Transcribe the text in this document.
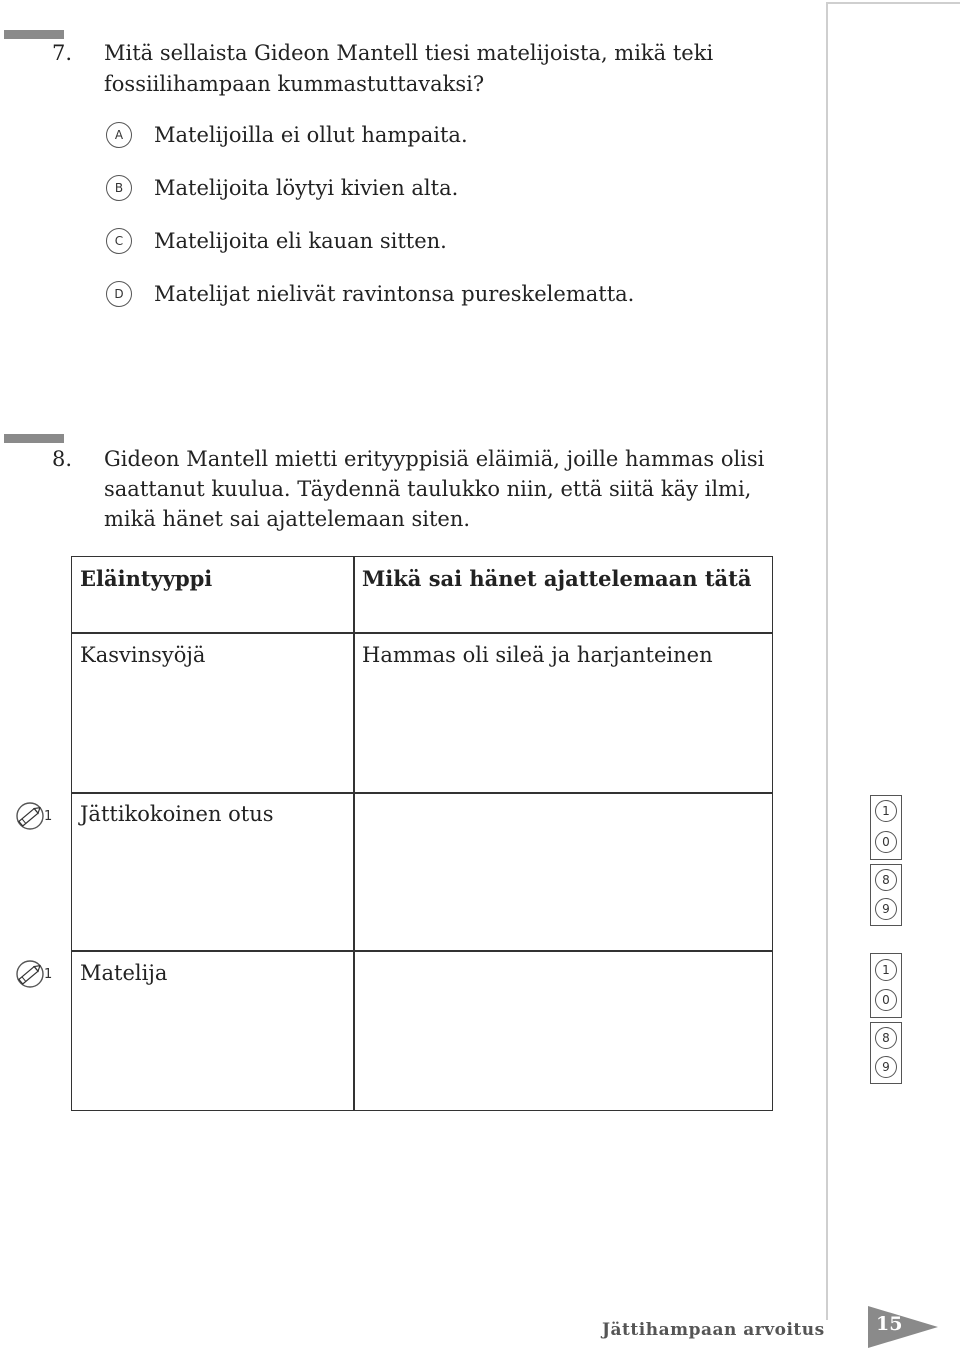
7. Mitä sellaista Gideon Mantell tiesi matelijoista, mikä teki
fossiilihampaan kummastuttavaksi?
A	Matelijoilla ei ollut hampaita.
B	Matelijoita löytyi kivien alta.
C	Matelijoita eli kauan sitten.
D	Matelijat nielivät ravintonsa pureskelematta.
8. Gideon Mantell mietti erityyppisiä eläimiä, joille hammas olisi
saattanut kuulua. Täydennä taulukko niin, että siitä käy ilmi,
mikä hänet sai ajattelemaan siten.
Eläintyyppi	Mikä sai hänet ajattelemaan tätä
Kasvinsyöjä	Hammas oli sileä ja harjanteinen
Jättikokoinen otus
Matelija
1
1
1
0
8
9
1
0
8
9
Jättihampaan arvoitus	15
